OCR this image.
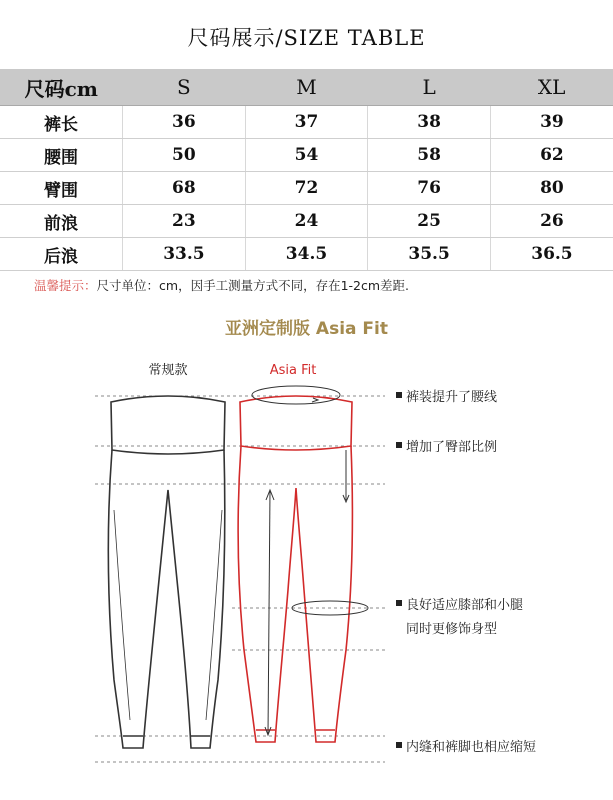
尺码展示/SIZE TABLE
尺码cm	S	M	L	XL
裤长	36	37	38	39
腰围	50	54	58	62
臂围	68	72	76	80
前浪	23	24	25	26
后浪	33.5	34.5	35.5	36.5
温馨提示：尺寸单位：cm，因手工测量方式不同，存在1-2cm差距.
亚洲定制版 Asia Fit
常规款	Asia Fit
裤装提升了腰线
增加了臀部比例
良好适应膝部和小腿
同时更修饰身型
内缝和裤脚也相应缩短
